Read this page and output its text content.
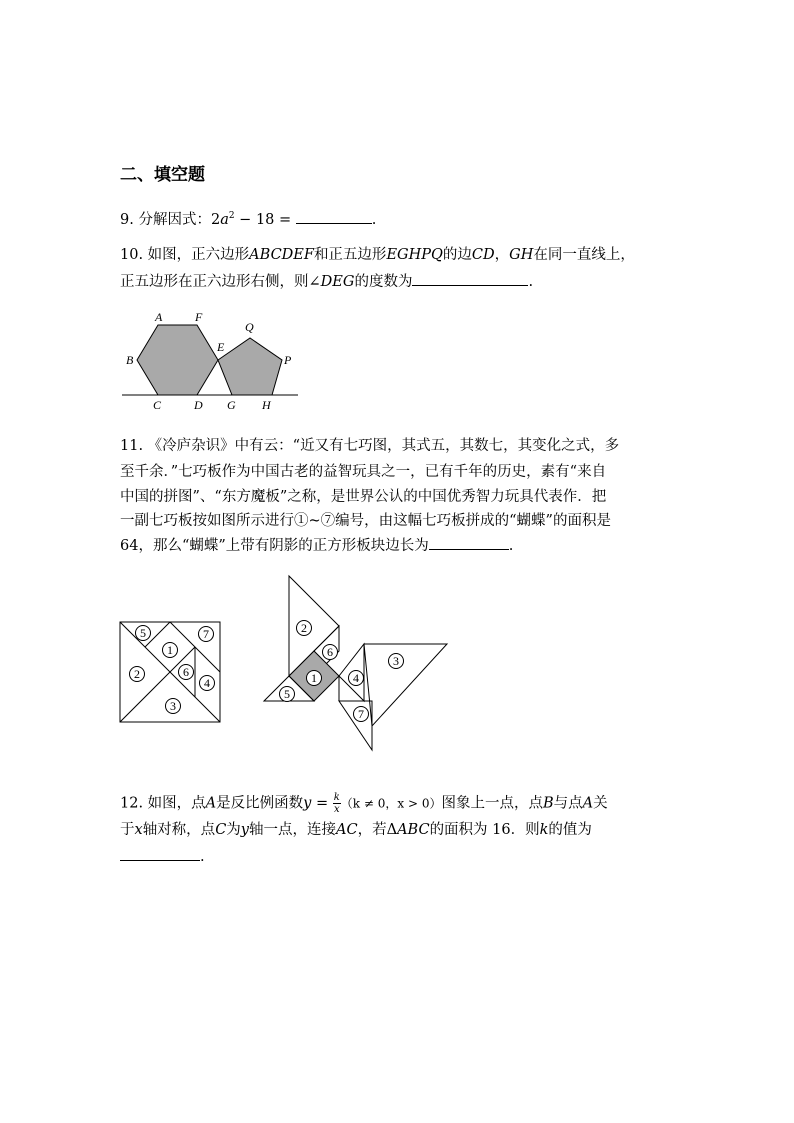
二、填空题
9. 分解因式：$2a^2 - 18$ =	.
10. 如图，正六边形ABCDEF和正五边形EGHPQ的边CD，GH在同一直线上，
正五边形在正六边形右侧，则∠DEG的度数为	.
A	F
B
E
Q
P
C	D G H
11. 《冷庐杂识》中有云：“近又有七巧图，其式五，其数七，其变化之式，多
至千余．”七巧板作为中国古老的益智玩具之一，已有千年的历史，素有“来自
中国的拼图”、“东方魔板”之称，是世界公认的中国优秀智力玩具代表作．把
一副七巧板按如图所示进行①~⑦编号，由这幅七巧板拼成的“蝴蝶”的面积是
64，那么“蝴蝶”上带有阴影的正方形板块边长为	.
5
1
7
2	6
4
3
2
6
1
5
4
3
7
12. 如图，点A是反比例函数$y = \frac{k}{x} (k \ne 0$，x > 0）图象上一点，点B与点A关
于x轴对称，点C为y轴一点，连接AC，若ΔABC的面积为 16．则k的值为
.
